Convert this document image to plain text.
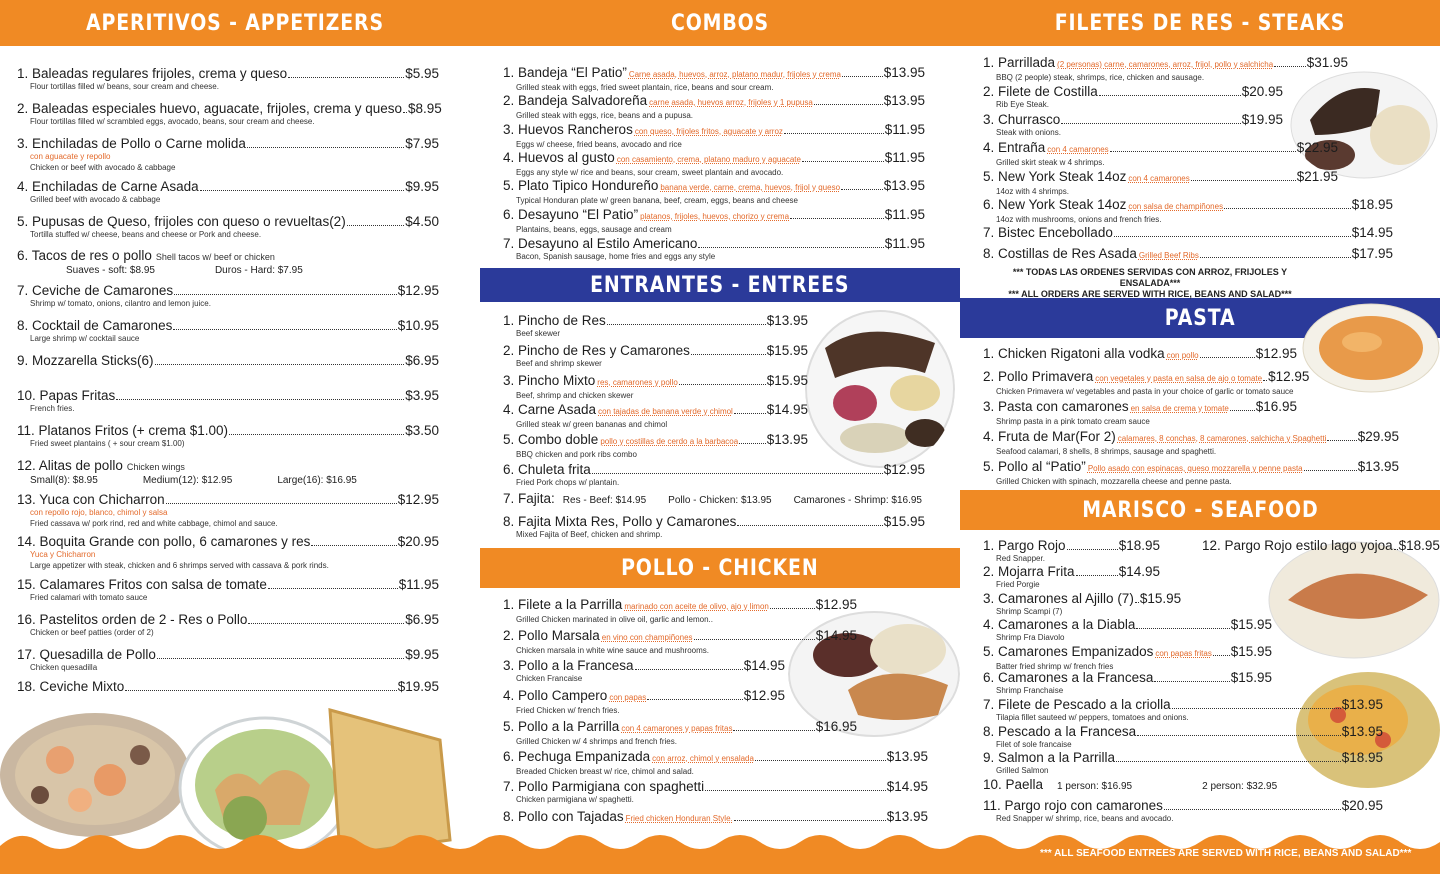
APERITIVOS - APPETIZERS	COMBOS	FILETES DE RES - STEAKS
ENTRANTES - ENTREES
POLLO - CHICKEN
PASTA
MARISCO - SEAFOOD
1. Baleadas regulares frijoles, crema y queso	$5.95
Flour tortillas filled w/ beans, sour cream and cheese.
2. Baleadas especiales huevo, aguacate, frijoles, crema y queso $8.95
Flour tortillas filled w/ scrambled eggs, avocado, beans, sour cream and cheese.
3. Enchiladas de Pollo o Carne molida	$7.95
con aguacate y repollo
Chicken or beef with avocado & cabbage
4. Enchiladas de Carne Asada	$9.95
Grilled beef with avocado & cabbage
5. Pupusas de Queso, frijoles con queso o revueltas(2)	$4.50
Tortilla stuffed w/ cheese, beans and cheese or Pork and cheese.
6. Tacos de res o pollo Shell tacos w/ beef or chicken
Suaves - soft: $8.95	Duros - Hard: $7.95
7. Ceviche de Camarones	$12.95
Shrimp w/ tomato, onions, cilantro and lemon juice.
8. Cocktail de Camarones	$10.95
Large shrimp w/ cocktail sauce
9. Mozzarella Sticks(6)	$6.95
10. Papas Fritas	$3.95
French fries.
11. Platanos Fritos (+ crema $1.00)	$3.50
Fried sweet plantains ( + sour cream $1.00)
12. Alitas de pollo Chicken wings
Small(8): $8.95	Medium(12): $12.95	Large(16): $16.95
13. Yuca con Chicharron	$12.95
con repollo rojo, blanco, chimol y salsa
Fried cassava w/ pork rind, red and white cabbage, chimol and sauce.
14. Boquita Grande con pollo, 6 camarones y res	$20.95
Yuca y Chicharron
Large appetizer with steak, chicken and 6 shrimps served with cassava & pork rinds.
15. Calamares Fritos con salsa de tomate	$11.95
Fried calamari with tomato sauce
16. Pastelitos orden de 2 - Res o Pollo	$6.95
Chicken or beef patties (order of 2)
17. Quesadilla de Pollo	$9.95
Chicken quesadilla
18. Ceviche Mixto	$19.95
1. Bandeja “El Patio” Carne asada, huevos, arroz, platano madur, frijoles y crema	$13.95
Grilled steak with eggs, fried sweet plantain, rice, beans and sour cream.
2. Bandeja Salvadoreña carne asada, huevos arroz, frijoles y 1 pupusa	$13.95
Grilled steak with eggs, rice, beans and a pupusa.
3. Huevos Rancheros con queso, frijoles fritos, aguacate y arroz	$11.95
Eggs w/ cheese, fried beans, avocado and rice
4. Huevos al gusto con casamiento, crema, platano maduro y aguacate	$11.95
Eggs any style w/ rice and beans, sour cream, sweet plantain and avocado.
5. Plato Tipico Hondureño banana verde, carne, crema, huevos, frijol y queso	$13.95
Typical Honduran plate w/ green banana, beef, cream, eggs, beans and cheese
6. Desayuno “El Patio” platanos, frijoles, huevos, chorizo y crema	$11.95
Plantains, beans, eggs, sausage and cream
7. Desayuno al Estilo Americano	$11.95
Bacon, Spanish sausage, home fries and eggs any style
1. Pincho de Res	$13.95
Beef skewer
2. Pincho de Res y Camarones	$15.95
Beef and shrimp skewer
3. Pincho Mixto res, camarones y pollo	$15.95
Beef, shrimp and chicken skewer
4. Carne Asada con tajadas de banana verde y chimol	$14.95
Grilled steak w/ green bananas and chimol
5. Combo doble pollo y costillas de cerdo a la barbacoa $13.95
BBQ chicken and pork ribs combo
6. Chuleta frita	$12.95
Fried Pork chops w/ plantain.
7. Fajita: Res - Beef: $14.95 Pollo - Chicken: $13.95 Camarones - Shrimp: $16.95
8. Fajita Mixta Res, Pollo y Camarones	$15.95
Mixed Fajita of Beef, chicken and shrimp.
1. Filete a la Parrilla marinado con aceite de olivo, ajo y limon	$12.95
Grilled Chicken marinated in olive oil, garlic and lemon..
2. Pollo Marsala en vino con champiñones	$14.95
Chicken marsala in white wine sauce and mushrooms.
3. Pollo a la Francesa	$14.95
Chicken Francaise
4. Pollo Campero con papas	$12.95
Fried Chicken w/ french fries.
5. Pollo a la Parrilla con 4 camarones y papas fritas	$16.95
Grilled Chicken w/ 4 shrimps and french fries.
6. Pechuga Empanizada con arroz, chimol y ensalada	$13.95
Breaded Chicken breast w/ rice, chimol and salad.
7. Pollo Parmigiana con spaghetti	$14.95
Chicken parmigiana w/ spaghetti.
8. Pollo con Tajadas Fried chicken Honduran Style.	$13.95
1. Parrillada (2 personas) carne, camarones, arroz, frijol, pollo y salchicha $31.95
BBQ (2 people) steak, shrimps, rice, chicken and sausage.
2. Filete de Costilla	$20.95
Rib Eye Steak.
3. Churrasco	$19.95
Steak with onions.
4. Entraña con 4 camarones	$22.95
Grilled skirt steak w 4 shrimps.
5. New York Steak 14oz con 4 camarones	$21.95
14oz with 4 shrimps.
6. New York Steak 14oz con salsa de champiñones	$18.95
14oz with mushrooms, onions and french fries.
7. Bistec Encebollado	$14.95
8. Costillas de Res Asada Grilled Beef Ribs	$17.95
1. Chicken Rigatoni alla vodka con pollo	$12.95
2. Pollo Primavera con vegetales y pasta en salsa de ajo o tomate $12.95
Chicken Primavera w/ vegetables and pasta in your choice of garlic or tomato sauce
3. Pasta con camarones en salsa de crema y tomate $16.95
Shrimp pasta in a pink tomato cream sauce
4. Fruta de Mar(For 2) calamares, 8 conchas, 8 camarones, salchicha y Spaghetti $29.95
Seafood calamari, 8 shells, 8 shrimps, sausage and spaghetti.
5. Pollo al “Patio” Pollo asado con espinacas, queso mozzarella y penne pasta	$13.95
Grilled Chicken with spinach, mozzarella cheese and penne pasta.
1. Pargo Rojo	$18.95
Red Snapper.
2. Mojarra Frita	$14.95
Fried Porgie
3. Camarones al Ajillo (7) $15.95
Shrimp Scampi (7)
4. Camarones a la Diabla	$15.95
Shrimp Fra Diavolo
5. Camarones Empanizados con papas fritas $15.95
Batter fried shrimp w/ french fries
6. Camarones a la Francesa	$15.95
Shrimp Franchaise
7. Filete de Pescado a la criolla	$13.95
Tilapia fillet sauteed w/ peppers, tomatoes and onions.
8. Pescado a la Francesa	$13.95
Filet of sole francaise
9. Salmon a la Parrilla	$18.95
Grilled Salmon
10. Paella 1 person: $16.95	2 person: $32.95
11. Pargo rojo con camarones	$20.95
Red Snapper w/ shrimp, rice, beans and avocado.
*** TODAS LAS ORDENES SERVIDAS CON ARROZ, FRIJOLES Y ENSALADA***
*** ALL ORDERS ARE SERVED WITH RICE, BEANS AND SALAD***
12. Pargo Rojo estilo lago yojoa $18.95
*** ALL SEAFOOD ENTREES ARE SERVED WITH RICE, BEANS AND SALAD***
